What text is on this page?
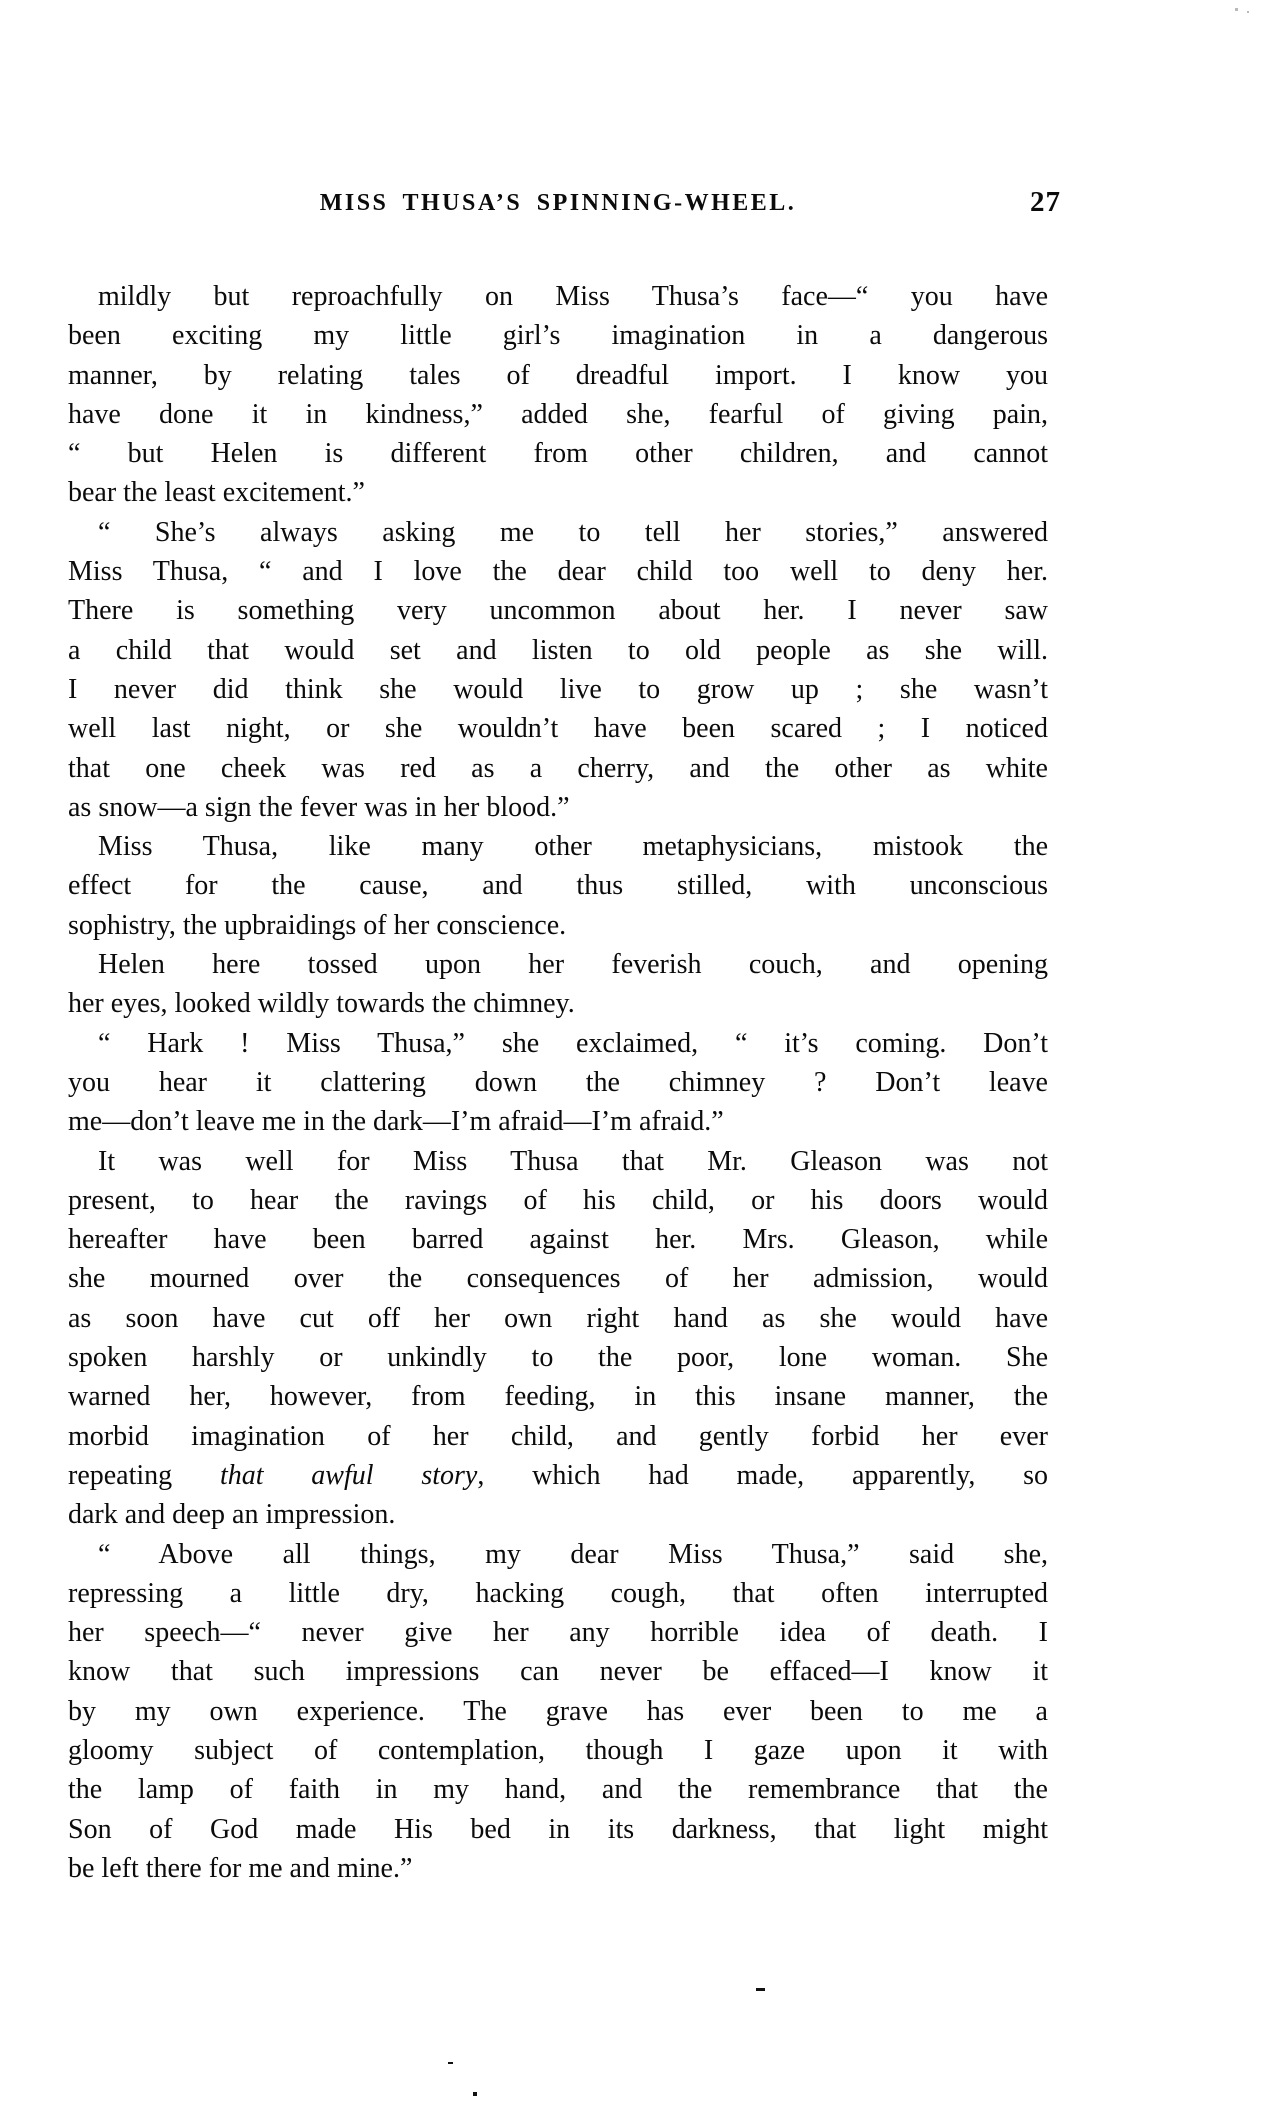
MISS THUSA’S SPINNING-WHEEL.	27
mildly but reproachfully on Miss Thusa’s face—“ you have
been exciting my little girl’s imagination in a dangerous
manner, by relating tales of dreadful import. I know you
have done it in kindness,” added she, fearful of giving pain,
“ but Helen is different from other children, and cannot
bear the least excitement.”
“ She’s always asking me to tell her stories,” answered
Miss Thusa, “ and I love the dear child too well to deny her.
There is something very uncommon about her. I never saw
a child that would set and listen to old people as she will.
I never did think she would live to grow up ; she wasn’t
well last night, or she wouldn’t have been scared ; I noticed
that one cheek was red as a cherry, and the other as white
as snow—a sign the fever was in her blood.”
Miss Thusa, like many other metaphysicians, mistook the
effect for the cause, and thus stilled, with unconscious
sophistry, the upbraidings of her conscience.
Helen here tossed upon her feverish couch, and opening
her eyes, looked wildly towards the chimney.
“ Hark ! Miss Thusa,” she exclaimed, “ it’s coming. Don’t
you hear it clattering down the chimney ? Don’t leave
me—don’t leave me in the dark—I’m afraid—I’m afraid.”
It was well for Miss Thusa that Mr. Gleason was not
present, to hear the ravings of his child, or his doors would
hereafter have been barred against her. Mrs. Gleason, while
she mourned over the consequences of her admission, would
as soon have cut off her own right hand as she would have
spoken harshly or unkindly to the poor, lone woman. She
warned her, however, from feeding, in this insane manner, the
morbid imagination of her child, and gently forbid her ever
repeating that awful story, which had made, apparently, so
dark and deep an impression.
“ Above all things, my dear Miss Thusa,” said she,
repressing a little dry, hacking cough, that often interrupted
her speech—“ never give her any horrible idea of death. I
know that such impressions can never be effaced—I know it
by my own experience. The grave has ever been to me a
gloomy subject of contemplation, though I gaze upon it with
the lamp of faith in my hand, and the remembrance that the
Son of God made His bed in its darkness, that light might
be left there for me and mine.”
